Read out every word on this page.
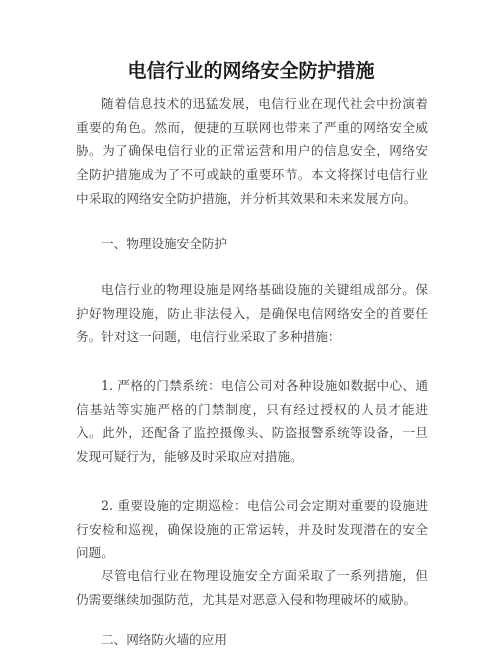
电信行业的网络安全防护措施

随着信息技术的迅猛发展，电信行业在现代社会中扮演着重要的角色。然而，便捷的互联网也带来了严重的网络安全威胁。为了确保电信行业的正常运营和用户的信息安全，网络安全防护措施成为了不可或缺的重要环节。本文将探讨电信行业中采取的网络安全防护措施，并分析其效果和未来发展方向。

一、物理设施安全防护

电信行业的物理设施是网络基础设施的关键组成部分。保护好物理设施，防止非法侵入，是确保电信网络安全的首要任务。针对这一问题，电信行业采取了多种措施：

1. 严格的门禁系统：电信公司对各种设施如数据中心、通信基站等实施严格的门禁制度，只有经过授权的人员才能进入。此外，还配备了监控摄像头、防盗报警系统等设备，一旦发现可疑行为，能够及时采取应对措施。

2. 重要设施的定期巡检：电信公司会定期对重要的设施进行安检和巡视，确保设施的正常运转，并及时发现潜在的安全问题。

尽管电信行业在物理设施安全方面采取了一系列措施，但仍需要继续加强防范，尤其是对恶意入侵和物理破坏的威胁。

二、网络防火墙的应用
